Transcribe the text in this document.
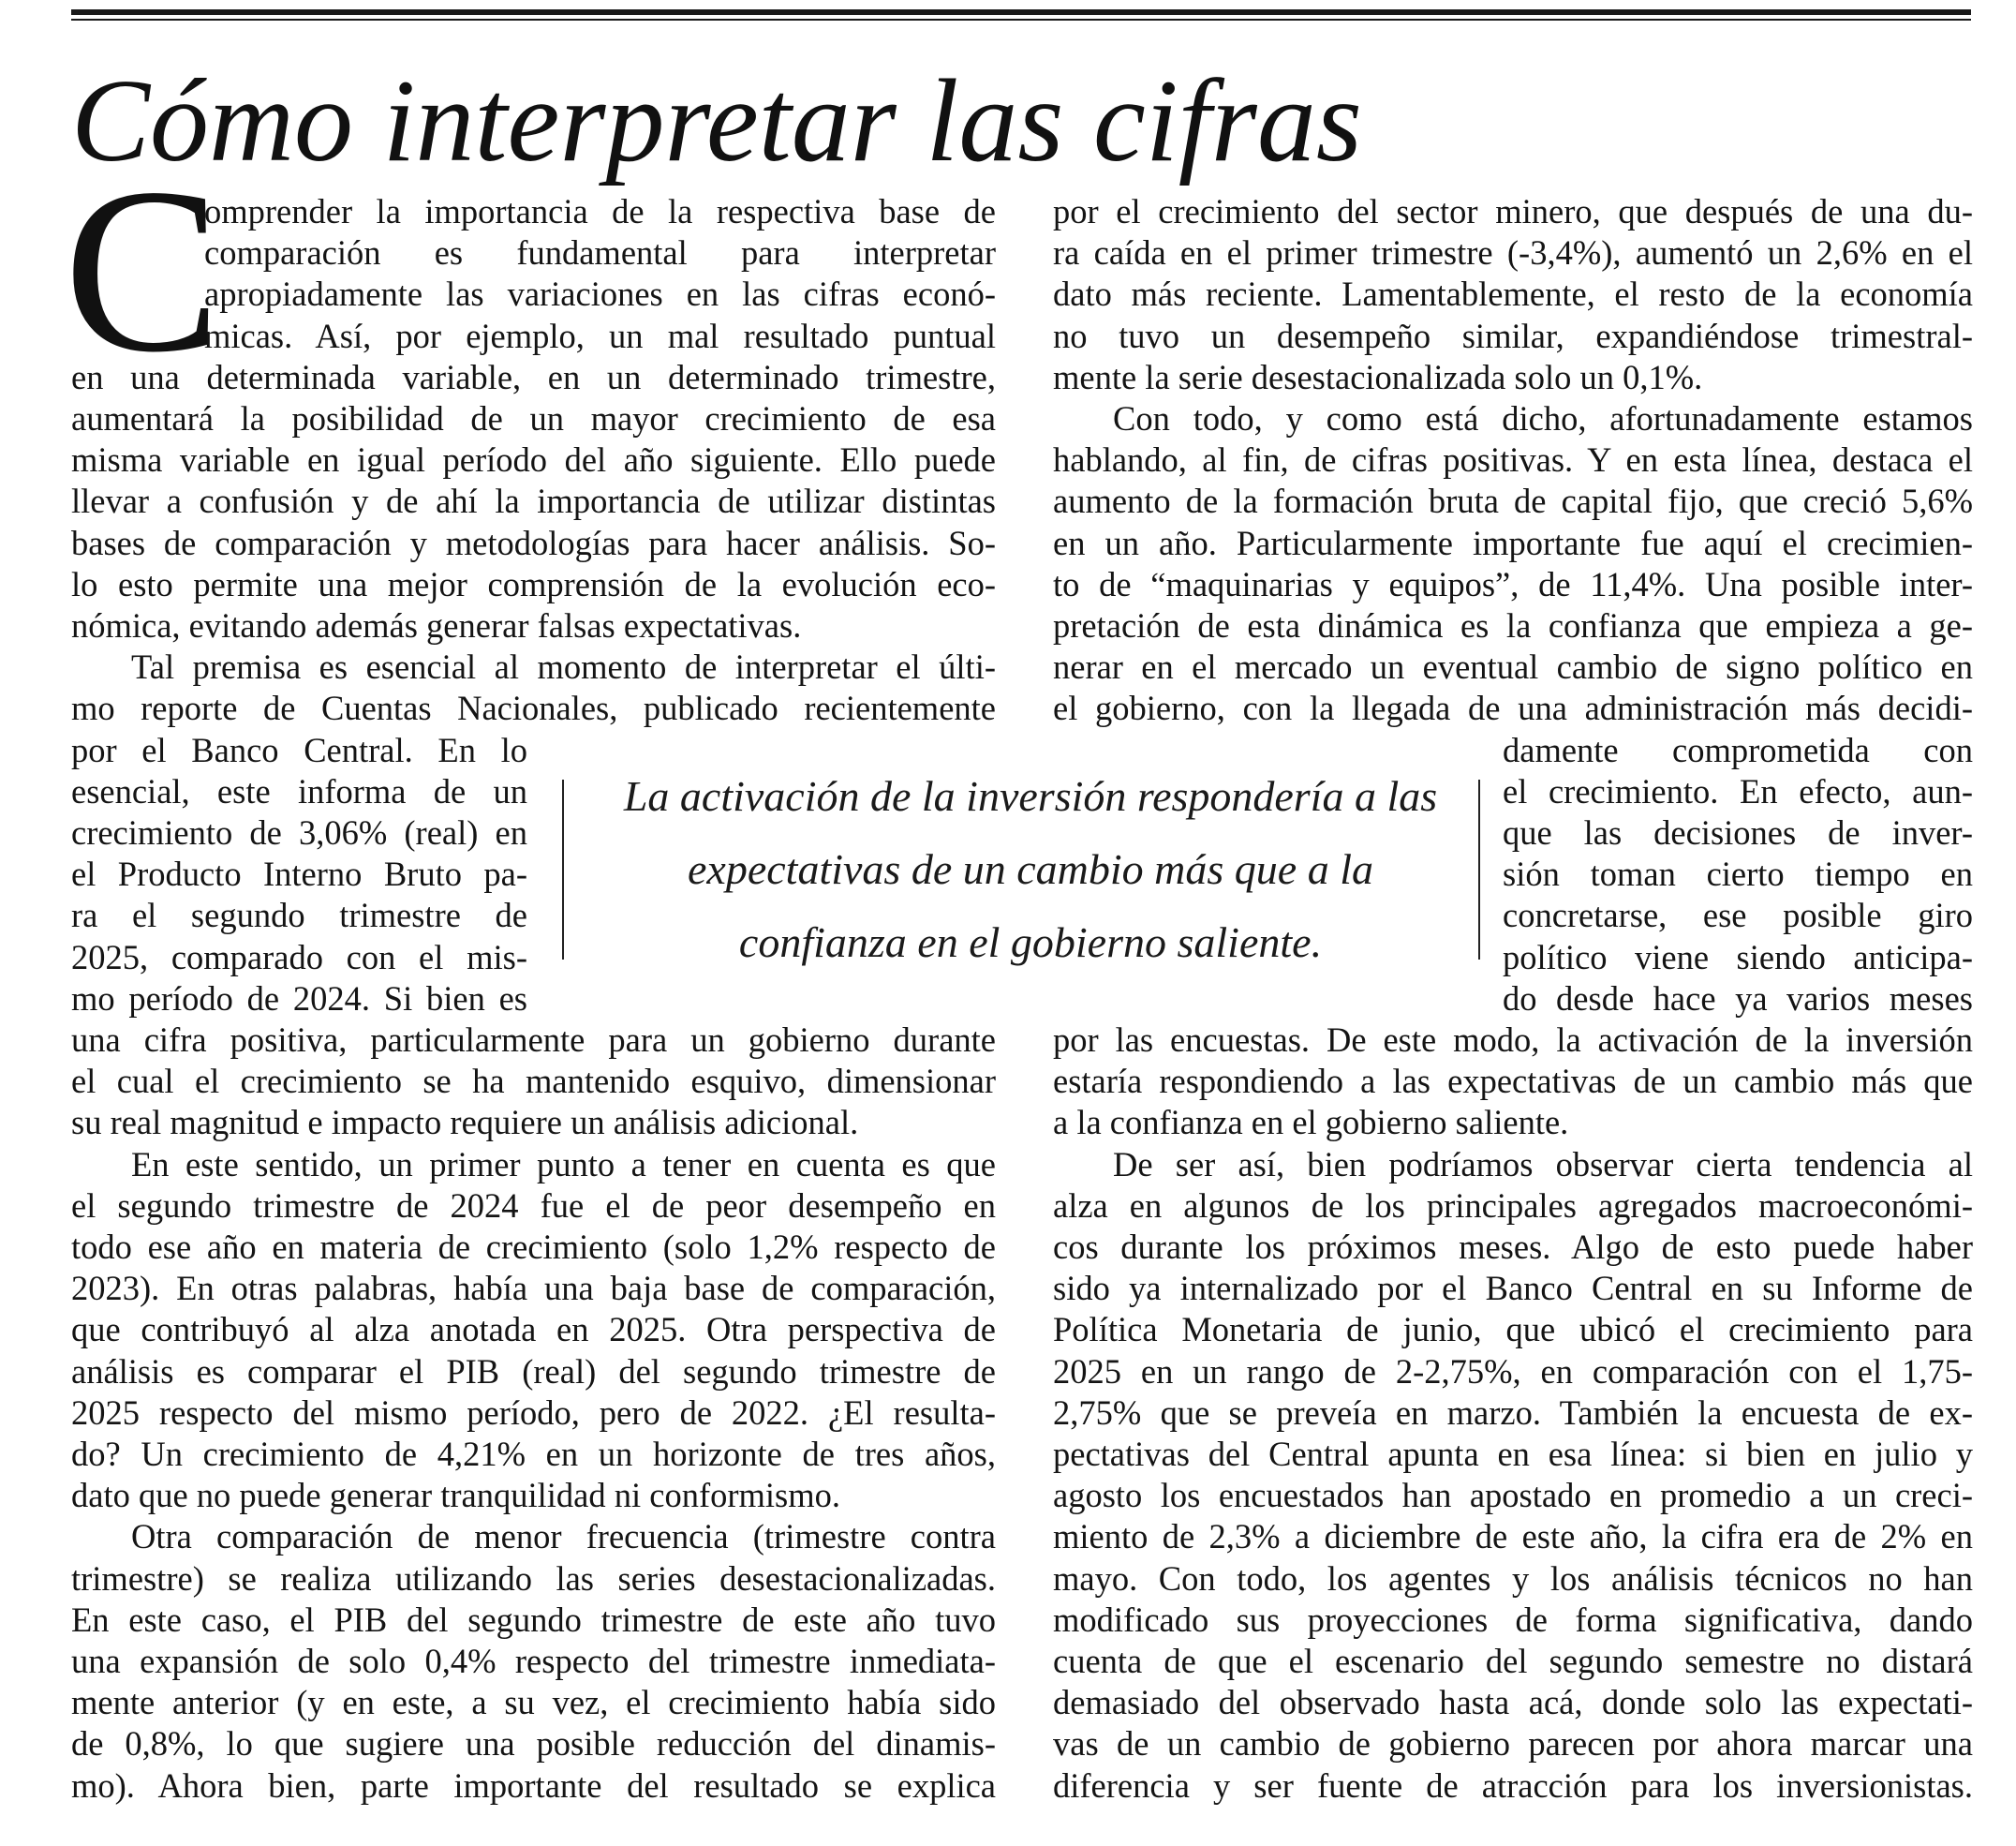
Cómo interpretar las cifras
C
omprender la importancia de la respectiva base de
comparación es fundamental para interpretar
apropiadamente las variaciones en las cifras econó-
micas. Así, por ejemplo, un mal resultado puntual
en una determinada variable, en un determinado trimestre,
aumentará la posibilidad de un mayor crecimiento de esa
misma variable en igual período del año siguiente. Ello puede
llevar a confusión y de ahí la importancia de utilizar distintas
bases de comparación y metodologías para hacer análisis. So-
lo esto permite una mejor comprensión de la evolución eco-
nómica, evitando además generar falsas expectativas.
Tal premisa es esencial al momento de interpretar el últi-
mo reporte de Cuentas Nacionales, publicado recientemente
por el Banco Central. En lo
esencial, este informa de un
crecimiento de 3,06% (real) en
el Producto Interno Bruto pa-
ra el segundo trimestre de
2025, comparado con el mis-
mo período de 2024. Si bien es
una cifra positiva, particularmente para un gobierno durante
el cual el crecimiento se ha mantenido esquivo, dimensionar
su real magnitud e impacto requiere un análisis adicional.
En este sentido, un primer punto a tener en cuenta es que
el segundo trimestre de 2024 fue el de peor desempeño en
todo ese año en materia de crecimiento (solo 1,2% respecto de
2023). En otras palabras, había una baja base de comparación,
que contribuyó al alza anotada en 2025. Otra perspectiva de
análisis es comparar el PIB (real) del segundo trimestre de
2025 respecto del mismo período, pero de 2022. ¿El resulta-
do? Un crecimiento de 4,21% en un horizonte de tres años,
dato que no puede generar tranquilidad ni conformismo.
Otra comparación de menor frecuencia (trimestre contra
trimestre) se realiza utilizando las series desestacionalizadas.
En este caso, el PIB del segundo trimestre de este año tuvo
una expansión de solo 0,4% respecto del trimestre inmediata-
mente anterior (y en este, a su vez, el crecimiento había sido
de 0,8%, lo que sugiere una posible reducción del dinamis-
mo). Ahora bien, parte importante del resultado se explica
por el crecimiento del sector minero, que después de una du-
ra caída en el primer trimestre (-3,4%), aumentó un 2,6% en el
dato más reciente. Lamentablemente, el resto de la economía
no tuvo un desempeño similar, expandiéndose trimestral-
mente la serie desestacionalizada solo un 0,1%.
Con todo, y como está dicho, afortunadamente estamos
hablando, al fin, de cifras positivas. Y en esta línea, destaca el
aumento de la formación bruta de capital fijo, que creció 5,6%
en un año. Particularmente importante fue aquí el crecimien-
to de “maquinarias y equipos”, de 11,4%. Una posible inter-
pretación de esta dinámica es la confianza que empieza a ge-
nerar en el mercado un eventual cambio de signo político en
el gobierno, con la llegada de una administración más decidi-
damente comprometida con
el crecimiento. En efecto, aun-
que las decisiones de inver-
sión toman cierto tiempo en
concretarse, ese posible giro
político viene siendo anticipa-
do desde hace ya varios meses
por las encuestas. De este modo, la activación de la inversión
estaría respondiendo a las expectativas de un cambio más que
a la confianza en el gobierno saliente.
De ser así, bien podríamos observar cierta tendencia al
alza en algunos de los principales agregados macroeconómi-
cos durante los próximos meses. Algo de esto puede haber
sido ya internalizado por el Banco Central en su Informe de
Política Monetaria de junio, que ubicó el crecimiento para
2025 en un rango de 2-2,75%, en comparación con el 1,75-
2,75% que se preveía en marzo. También la encuesta de ex-
pectativas del Central apunta en esa línea: si bien en julio y
agosto los encuestados han apostado en promedio a un creci-
miento de 2,3% a diciembre de este año, la cifra era de 2% en
mayo. Con todo, los agentes y los análisis técnicos no han
modificado sus proyecciones de forma significativa, dando
cuenta de que el escenario del segundo semestre no distará
demasiado del observado hasta acá, donde solo las expectati-
vas de un cambio de gobierno parecen por ahora marcar una
diferencia y ser fuente de atracción para los inversionistas.
La activación de la inversión respondería a las
expectativas de un cambio más que a la
confianza en el gobierno saliente.
